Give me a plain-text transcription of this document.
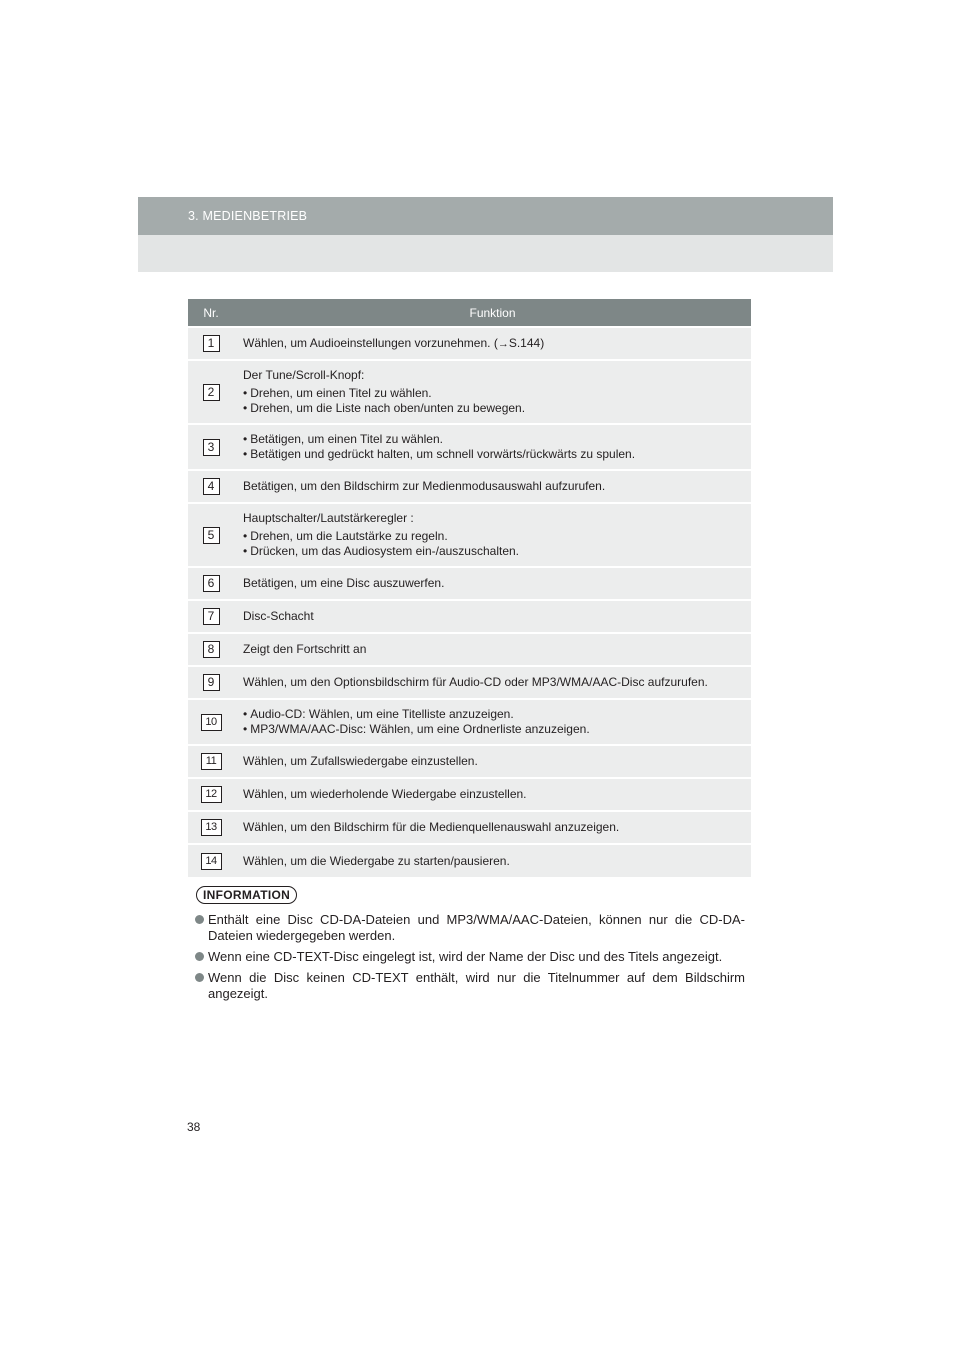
3. MEDIENBETRIEB
Nr.	Funktion
1	Wählen, um Audioeinstellungen vorzunehmen. (→S.144)
2	Der Tune/Scroll-Knopf:
• Drehen, um einen Titel zu wählen.
• Drehen, um die Liste nach oben/unten zu bewegen.

3	• Betätigen, um einen Titel zu wählen.
• Betätigen und gedrückt halten, um schnell vorwärts/rückwärts zu spulen.

4	Betätigen, um den Bildschirm zur Medienmodusauswahl aufzurufen.
5	Hauptschalter/Lautstärkeregler :
• Drehen, um die Lautstärke zu regeln.
• Drücken, um das Audiosystem ein-/auszuschalten.

6	Betätigen, um eine Disc auszuwerfen.
7	Disc-Schacht
8	Zeigt den Fortschritt an
9	Wählen, um den Optionsbildschirm für Audio-CD oder MP3/WMA/AAC-Disc aufzurufen.
10	• Audio-CD: Wählen, um eine Titelliste anzuzeigen.
• MP3/WMA/AAC-Disc: Wählen, um eine Ordnerliste anzuzeigen.

11	Wählen, um Zufallswiedergabe einzustellen.
12	Wählen, um wiederholende Wiedergabe einzustellen.
13	Wählen, um den Bildschirm für die Medienquellenauswahl anzuzeigen.
14	Wählen, um die Wiedergabe zu starten/pausieren.
INFORMATION
Enthält eine Disc CD-DA-Dateien und MP3/WMA/AAC-Dateien, können nur die CD-DA-Dateien wiedergegeben werden.
Wenn eine CD-TEXT-Disc eingelegt ist, wird der Name der Disc und des Titels angezeigt.
Wenn die Disc keinen CD-TEXT enthält, wird nur die Titelnummer auf dem Bildschirm angezeigt.
38
